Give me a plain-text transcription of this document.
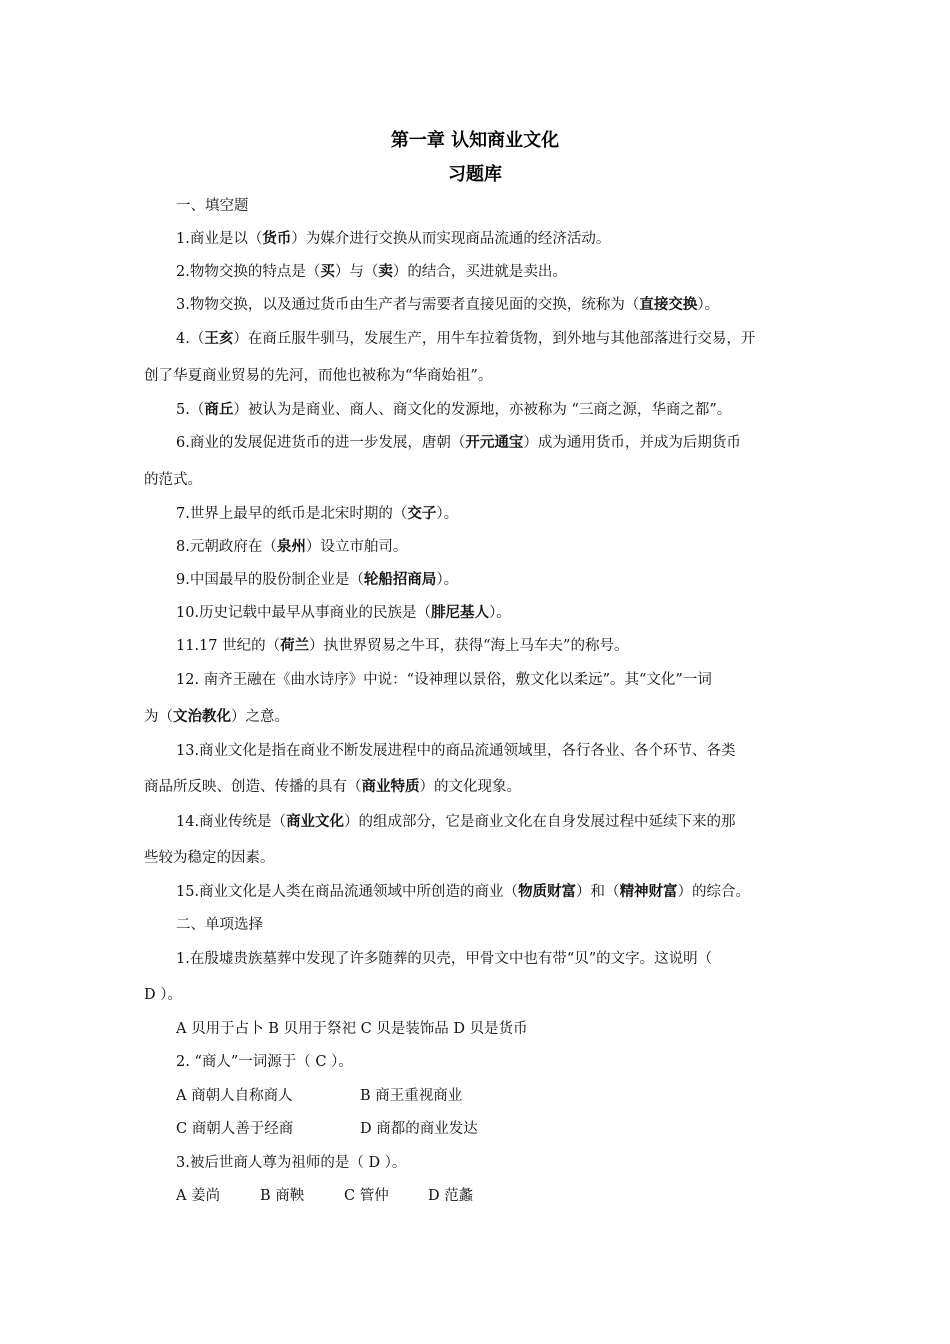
第一章 认知商业文化
习题库
一、填空题
1.商业是以（货币）为媒介进行交换从而实现商品流通的经济活动。
2.物物交换的特点是（买）与（卖）的结合，买进就是卖出。
3.物物交换，以及通过货币由生产者与需要者直接见面的交换，统称为（直接交换）。
4.（王亥）在商丘服牛驯马，发展生产，用牛车拉着货物，到外地与其他部落进行交易，开
创了华夏商业贸易的先河，而他也被称为“华商始祖”。
5.（商丘）被认为是商业、商人、商文化的发源地，亦被称为 “三商之源，华商之都”。
6.商业的发展促进货币的进一步发展，唐朝（开元通宝）成为通用货币，并成为后期货币
的范式。
7.世界上最早的纸币是北宋时期的（交子）。
8.元朝政府在（泉州）设立市舶司。
9.中国最早的股份制企业是（轮船招商局）。
10.历史记载中最早从事商业的民族是（腓尼基人）。
11.17 世纪的（荷兰）执世界贸易之牛耳，获得“海上马车夫”的称号。
12. 南齐王融在《曲水诗序》中说：“设神理以景俗，敷文化以柔远”。其“文化”一词
为（文治教化）之意。
13.商业文化是指在商业不断发展进程中的商品流通领域里，各行各业、各个环节、各类
商品所反映、创造、传播的具有（商业特质）的文化现象。
14.商业传统是（商业文化）的组成部分，它是商业文化在自身发展过程中延续下来的那
些较为稳定的因素。
15.商业文化是人类在商品流通领域中所创造的商业（物质财富）和（精神财富）的综合。
二、单项选择
1.在殷墟贵族墓葬中发现了许多随葬的贝壳，甲骨文中也有带“贝”的文字。这说明（
D ）。
A 贝用于占卜 B 贝用于祭祀 C 贝是装饰品 D 贝是货币
2. “商人”一词源于（ C ）。
A 商朝人自称商人	B 商王重视商业
C 商朝人善于经商	D 商都的商业发达
3.被后世商人尊为祖师的是（ D ）。
A 姜尚	B 商鞅	C 管仲	D 范蠡
